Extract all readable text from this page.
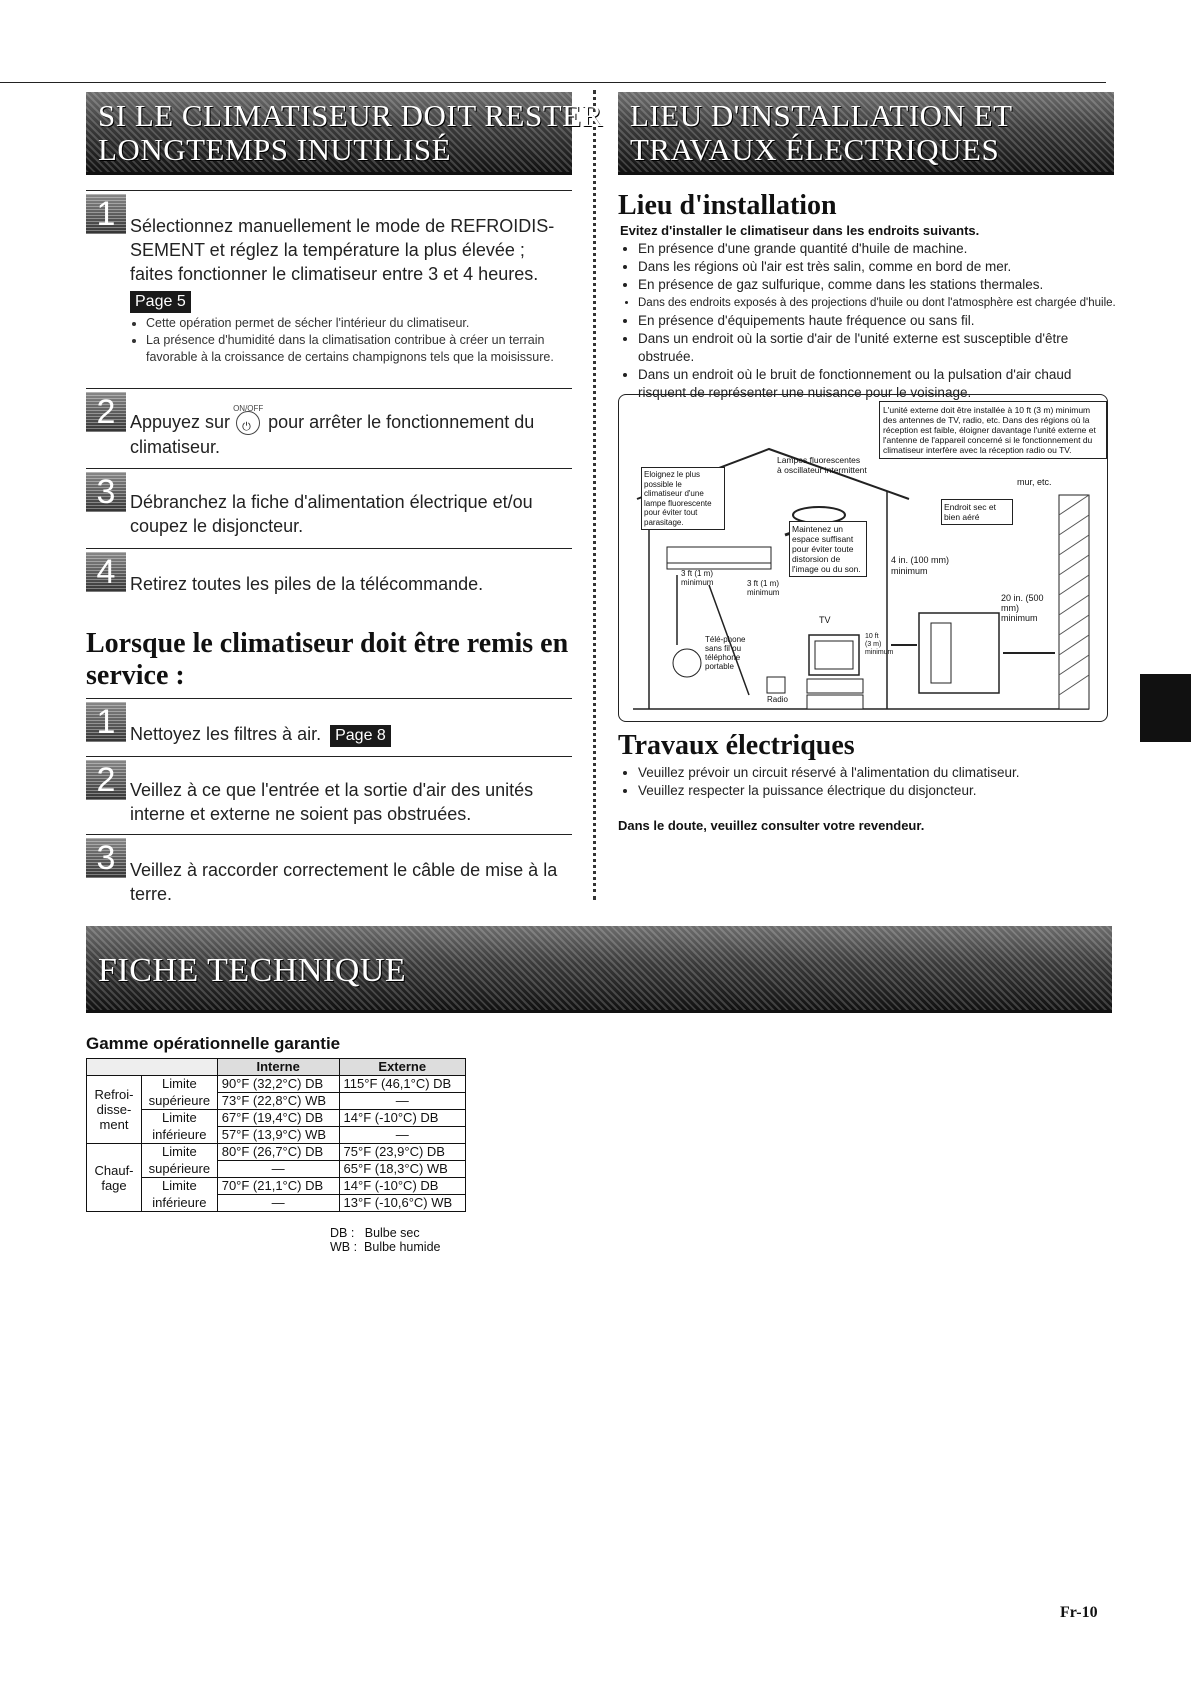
SI LE CLIMATISEUR DOIT RESTER
LONGTEMPS INUTILISÉ
LIEU D'INSTALLATION ET
TRAVAUX ÉLECTRIQUES
1 Sélectionnez manuellement le mode de REFROIDIS-SEMENT et réglez la température la plus élevée ; faites fonctionner le climatiseur entre 3 et 4 heures.
Page 5
• Cette opération permet de sécher l'intérieur du climatiseur.
• La présence d'humidité dans la climatisation contribue à créer un terrain favorable à la croissance de certains champignons tels que la moisissure.
2 Appuyez sur ⏻
ON/OFF
pour arrêter le fonctionnement du climatiseur.
3 Débranchez la fiche d'alimentation électrique et/ou coupez le disjoncteur.
4 Retirez toutes les piles de la télécommande.
Lorsque le climatiseur doit être remis en service :
1 Nettoyez les filtres à air. Page 8
2 Veillez à ce que l'entrée et la sortie d'air des unités interne et externe ne soient pas obstruées.
3 Veillez à raccorder correctement le câble de mise à la terre.
Lieu d'installation
Evitez d'installer le climatiseur dans les endroits suivants.
• En présence d'une grande quantité d'huile de machine.
• Dans les régions où l'air est très salin, comme en bord de mer.
• En présence de gaz sulfurique, comme dans les stations thermales.
• Dans des endroits exposés à des projections d'huile ou dont l'atmosphère est chargée d'huile.
• En présence d'équipements haute fréquence ou sans fil.
• Dans un endroit où la sortie d'air de l'unité externe est susceptible d'être obstruée.
• Dans un endroit où le bruit de fonctionnement ou la pulsation d'air chaud risquent de représenter une nuisance pour le voisinage.
L'unité externe doit être installée à 10 ft (3 m) minimum des antennes de TV, radio, etc. Dans des régions où la réception est faible, éloigner davantage l'unité externe et l'antenne de l'appareil concerné si le fonctionnement du climatiseur interfère avec la réception radio ou TV.
Eloignez le plus possible le climatiseur d'une lampe fluorescente pour éviter tout parasitage.
Lampes fluorescentes à oscillateur intermittent
Maintenez un espace suffisant pour éviter toute distorsion de l'image ou du son.
mur, etc.
Endroit sec et bien aéré
4 in. (100 mm) minimum
20 in. (500 mm) minimum
3 ft (1 m) minimum	3 ft (1 m) minimum
10 ft (3 m) minimum
TV
Télé-phone sans fil ou téléphone portable
Radio
Travaux électriques
• Veuillez prévoir un circuit réservé à l'alimentation du climatiseur.
• Veuillez respecter la puissance électrique du disjoncteur.
Dans le doute, veuillez consulter votre revendeur.
FICHE TECHNIQUE
Gamme opérationnelle garantie
		Interne	Externe
Refroi-disse-ment	Limite	90°F (32,2°C) DB	115°F (46,1°C) DB
	supérieure	73°F (22,8°C) WB	—
	Limite	67°F (19,4°C) DB	14°F (-10°C) DB
	inférieure	57°F (13,9°C) WB	—
Chauf-fage	Limite	80°F (26,7°C) DB	75°F (23,9°C) DB
	supérieure	—	65°F (18,3°C) WB
	Limite	70°F (21,1°C) DB	14°F (-10°C) DB
	inférieure	—	13°F (-10,6°C) WB
DB :   Bulbe sec
WB :  Bulbe humide
Fr-10
